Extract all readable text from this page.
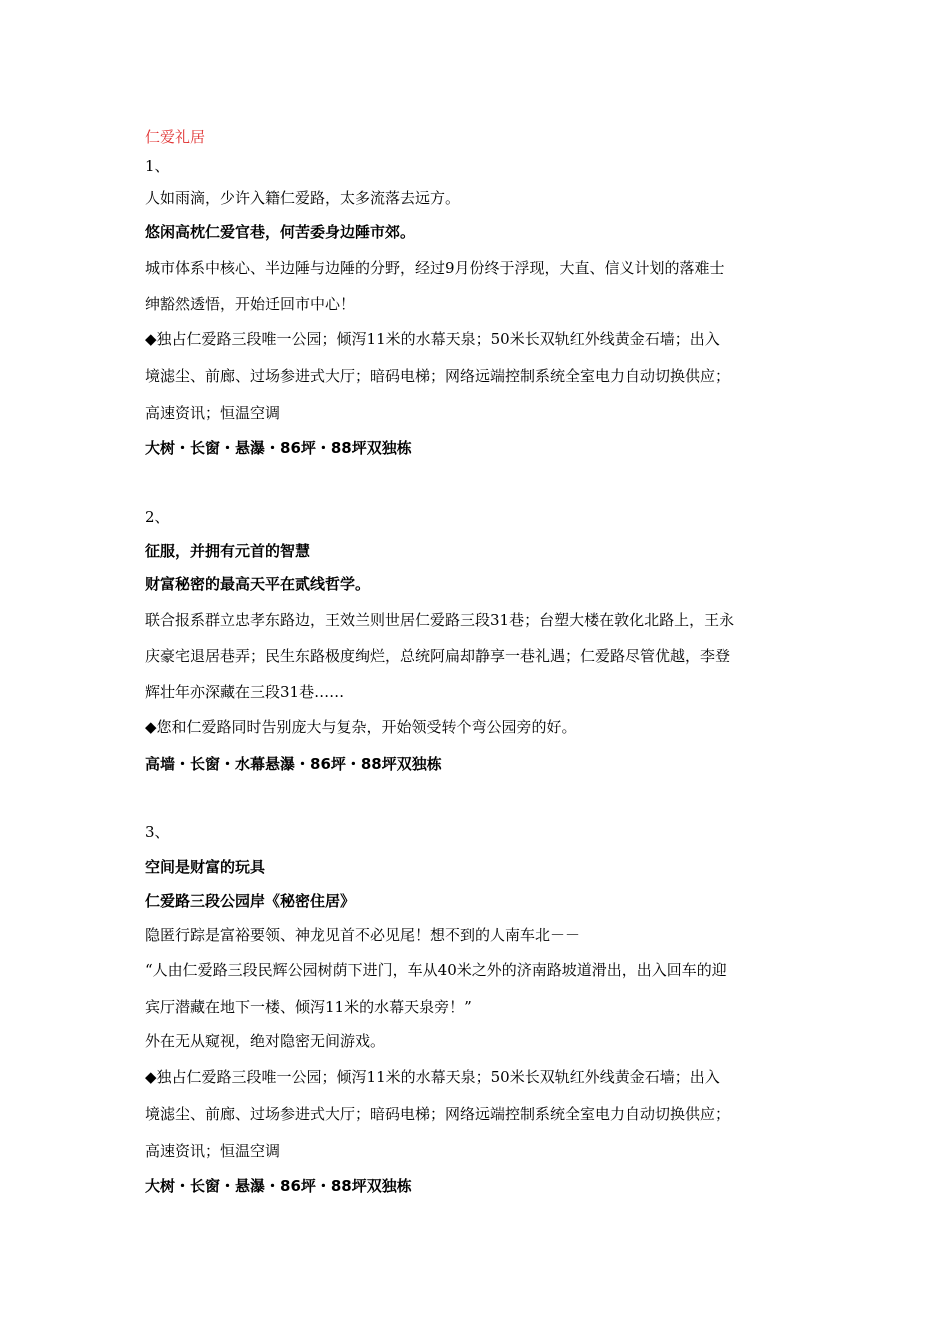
仁爱礼居
1、
人如雨滴，少许入籍仁爱路，太多流落去远方。
悠闲高枕仁爱官巷，何苦委身边陲市郊。
城市体系中核心、半边陲与边陲的分野，经过9月份终于浮现，大直、信义计划的落难士
绅豁然透悟，开始迁回市中心！
◆独占仁爱路三段唯一公园；倾泻11米的水幕天泉；50米长双轨红外线黄金石墙；出入
境滤尘、前廊、过场参进式大厅；暗码电梯；网络远端控制系统全室电力自动切换供应；
高速资讯；恒温空调
大树・长窗・悬瀑・86坪・88坪双独栋
2、
征服，并拥有元首的智慧
财富秘密的最高天平在贰线哲学。
联合报系群立忠孝东路边，王效兰则世居仁爱路三段31巷；台塑大楼在敦化北路上，王永
庆豪宅退居巷弄；民生东路极度绚烂，总统阿扁却静享一巷礼遇；仁爱路尽管优越，李登
辉壮年亦深藏在三段31巷……
◆您和仁爱路同时告别庞大与复杂，开始领受转个弯公园旁的好。
高墙・长窗・水幕悬瀑・86坪・88坪双独栋
3、
空间是财富的玩具
仁爱路三段公园岸《秘密住居》
隐匿行踪是富裕要领、神龙见首不必见尾！想不到的人南车北－－
“人由仁爱路三段民辉公园树荫下进门，车从40米之外的济南路坡道滑出，出入回车的迎
宾厅潜藏在地下一楼、倾泻11米的水幕天泉旁！”
外在无从窥视，绝对隐密无间游戏。
◆独占仁爱路三段唯一公园；倾泻11米的水幕天泉；50米长双轨红外线黄金石墙；出入
境滤尘、前廊、过场参进式大厅；暗码电梯；网络远端控制系统全室电力自动切换供应；
高速资讯；恒温空调
大树・长窗・悬瀑・86坪・88坪双独栋
